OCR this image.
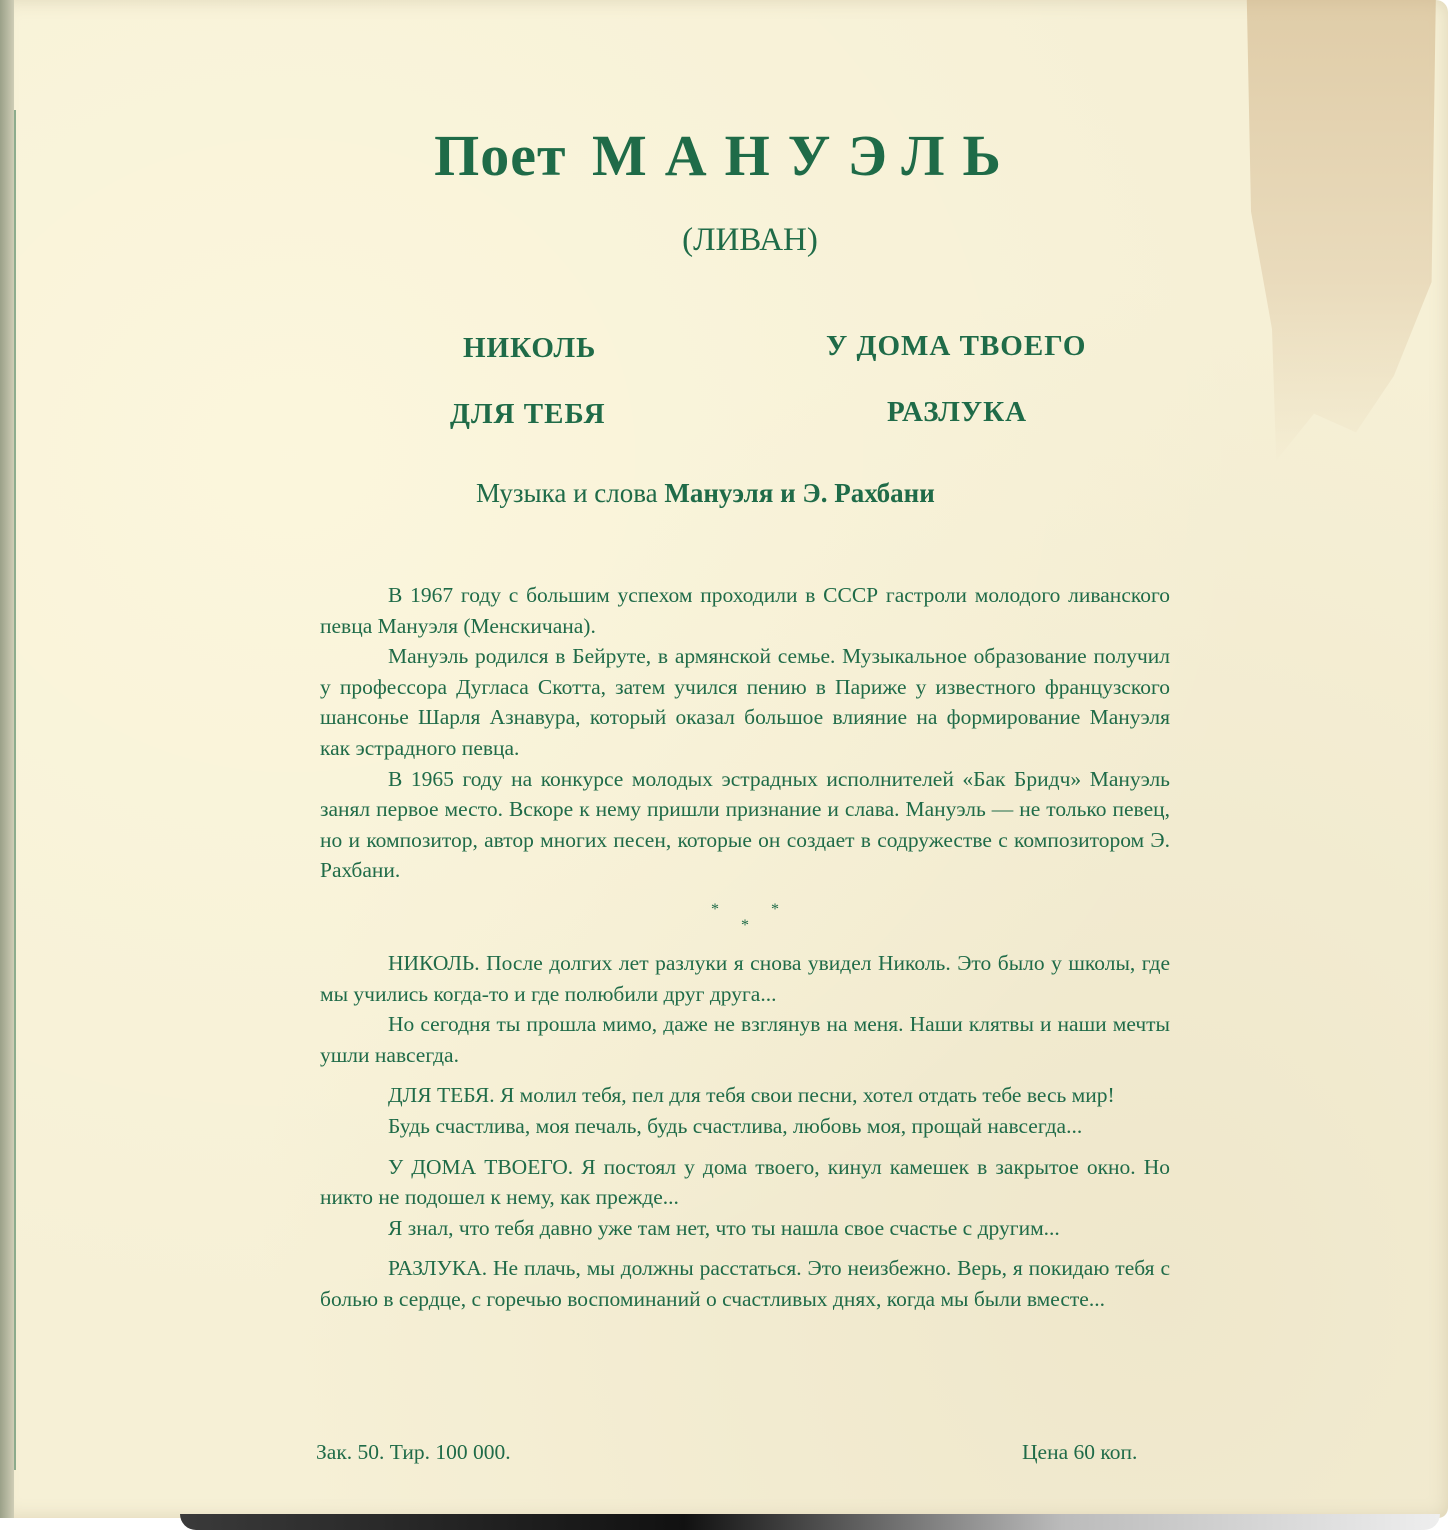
Поет МАНУЭЛЬ
(ЛИВАН)
НИКОЛЬ	У ДОМА ТВОЕГО
ДЛЯ ТЕБЯ	РАЗЛУКА
Музыка и слова Мануэля и Э. Рахбани

В 1967 году с большим успехом проходили в СССР гастроли молодого ливанского певца Мануэля (Менскичана).

Мануэль родился в Бейруте, в армянской семье. Музыкальное образование получил у профессора Дугласа Скотта, затем учился пению в Париже у известного французского шансонье Шарля Азнавура, который оказал большое влияние на формирование Мануэля как эстрадного певца.

В 1965 году на конкурсе молодых эстрадных исполнителей «Бак Бридч» Мануэль занял первое место. Вскоре к нему пришли признание и слава. Мануэль — не только певец, но и композитор, автор многих песен, которые он создает в содружестве с композитором Э. Рахбани.

*	*
*

НИКОЛЬ. После долгих лет разлуки я снова увидел Николь. Это было у школы, где мы учились когда-то и где полюбили друг друга...

Но сегодня ты прошла мимо, даже не взглянув на меня. Наши клятвы и наши мечты ушли навсегда.

ДЛЯ ТЕБЯ. Я молил тебя, пел для тебя свои песни, хотел отдать тебе весь мир!

Будь счастлива, моя печаль, будь счастлива, любовь моя, прощай навсегда...

У ДОМА ТВОЕГО. Я постоял у дома твоего, кинул камешек в закрытое окно. Но никто не подошел к нему, как прежде...

Я знал, что тебя давно уже там нет, что ты нашла свое счастье с другим...

РАЗЛУКА. Не плачь, мы должны расстаться. Это неизбежно. Верь, я покидаю тебя с болью в сердце, с горечью воспоминаний о счастливых днях, когда мы были вместе...

Зак. 50. Тир. 100 000.	Цена 60 коп.
